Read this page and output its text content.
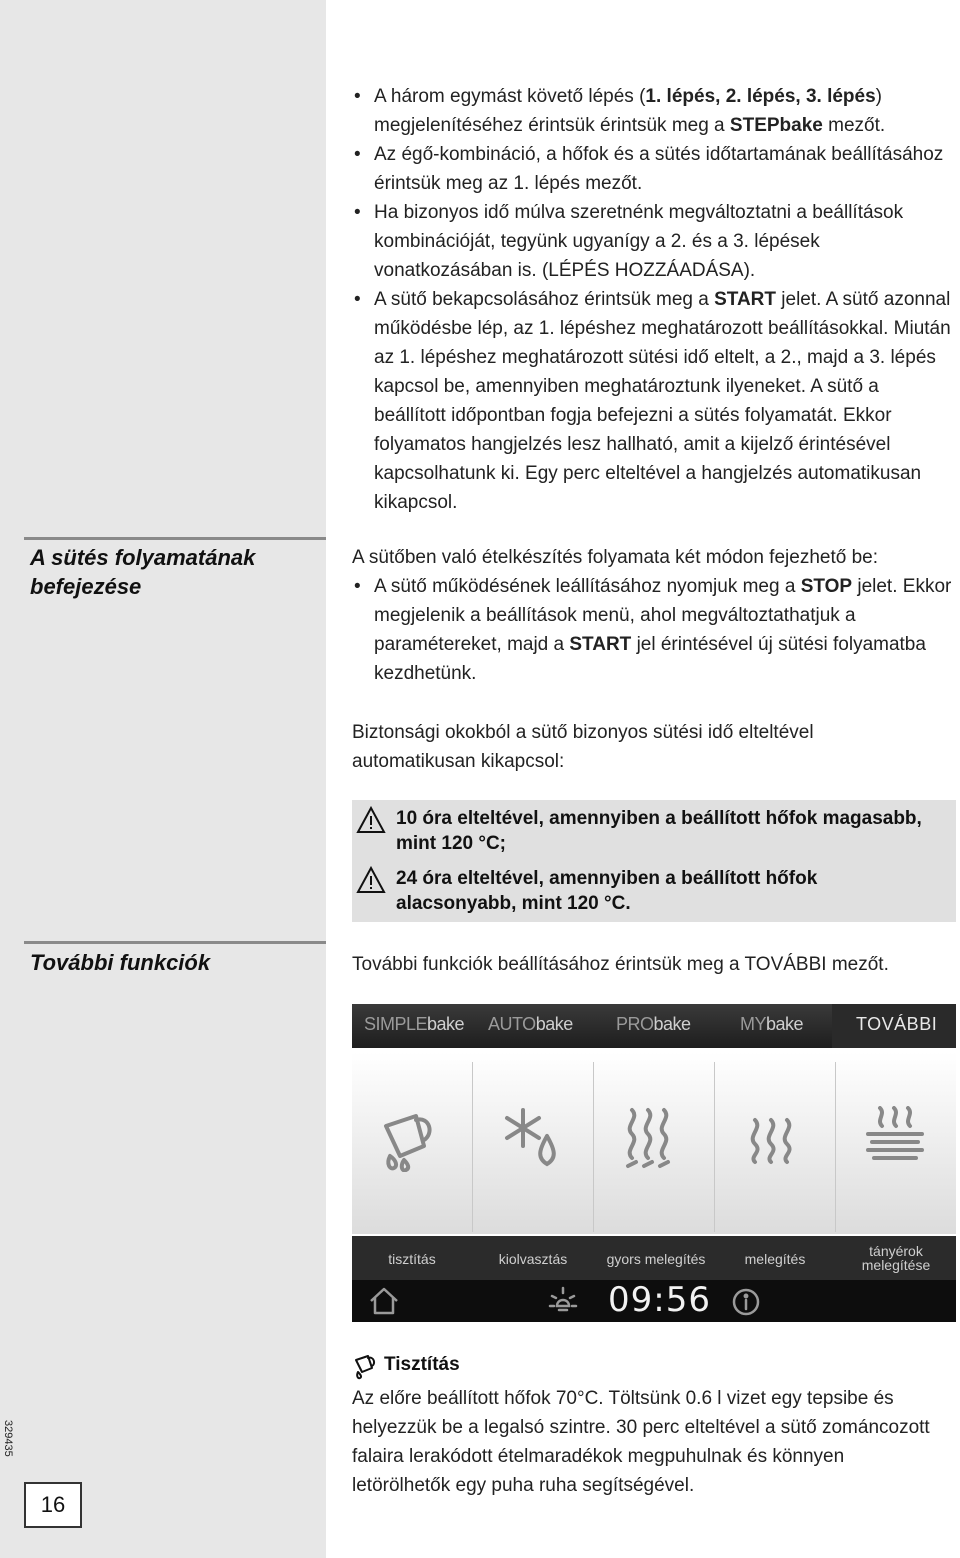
A sütés folyamatának
befejezése
További funkciók
329435
16
• A három egymást követő lépés (1. lépés, 2. lépés, 3. lépés) megjelenítéséhez érintsük érintsük meg a STEPbake mezőt.
• Az égő-kombináció, a hőfok és a sütés időtartamának beállításához érintsük meg az 1. lépés mezőt.
• Ha bizonyos idő múlva szeretnénk megváltoztatni a beállítások kombinációját, tegyünk ugyanígy a 2. és a 3. lépések vonatkozásában is. (LÉPÉS HOZZÁADÁSA).
• A sütő bekapcsolásához érintsük meg a START jelet. A sütő azonnal működésbe lép, az 1. lépéshez meghatározott beállításokkal. Miután az 1. lépéshez meghatározott sütési idő eltelt, a 2., majd a 3. lépés kapcsol be, amennyiben meghatároztunk ilyeneket. A sütő a beállított időpontban fogja befejezni a sütés folyamatát. Ekkor folyamatos hangjelzés lesz hallható, amit a kijelző érintésével kapcsolhatunk ki. Egy perc elteltével a hangjelzés automatikusan kikapcsol.
A sütőben való ételkészítés folyamata két módon fejezhető be:
• A sütő működésének leállításához nyomjuk meg a STOP jelet. Ekkor megjelenik a beállítások menü, ahol megváltoztathatjuk a paramétereket, majd a START jel érintésével új sütési folyamatba kezdhetünk.
Biztonsági okokból a sütő bizonyos sütési idő elteltével automatikusan kikapcsol:
10 óra elteltével, amennyiben a beállított hőfok magasabb, mint 120 °C;
24 óra elteltével, amennyiben a beállított hőfok alacsonyabb, mint 120 °C.
További funkciók beállításához érintsük meg a TOVÁBBI mezőt.
SIMPLEbake AUTObake PRObake	MYbake	TOVÁBBI
tisztítás	kiolvasztás	gyors melegítés	melegítés	tányérok
melegítése
09:56
Tisztítás
Az előre beállított hőfok 70°C. Töltsünk 0.6 l vizet egy tepsibe és helyezzük be a legalsó szintre. 30 perc elteltével a sütő zománcozott falaira lerakódott ételmaradékok megpuhulnak és könnyen letörölhetők egy puha ruha segítségével.
